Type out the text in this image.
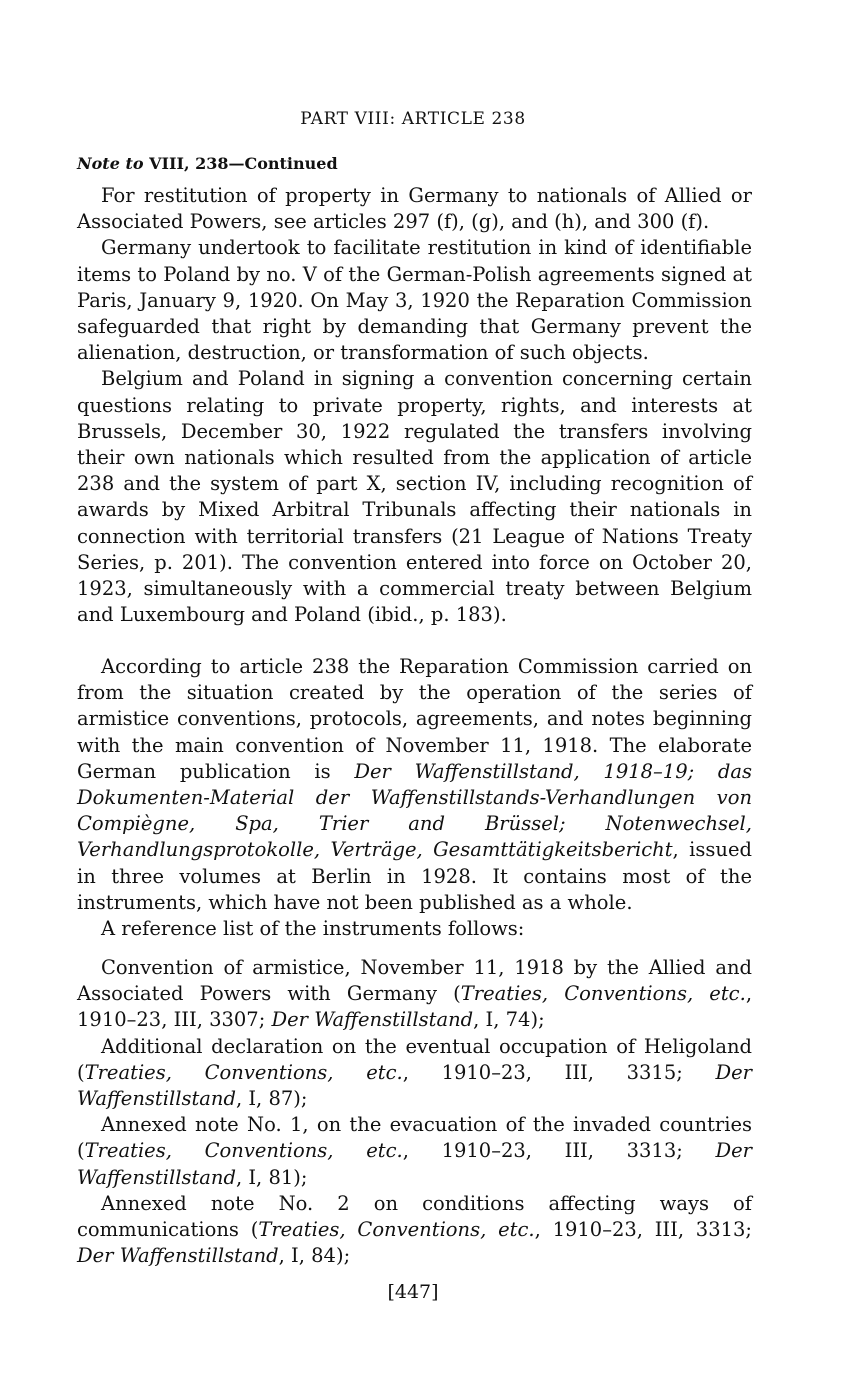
PART VIII: ARTICLE 238
Note to VIII, 238—Continued

For restitution of property in Germany to nationals of Allied or Associated Powers, see articles 297 (f), (g), and (h), and 300 (f).

Germany undertook to facilitate restitution in kind of identifiable items to Poland by no. V of the German-Polish agreements signed at Paris, January 9, 1920. On May 3, 1920 the Reparation Commission safeguarded that right by demanding that Germany prevent the alienation, destruction, or transformation of such objects.

Belgium and Poland in signing a convention concerning certain questions relating to private property, rights, and interests at Brussels, December 30, 1922 regulated the transfers involving their own nationals which resulted from the application of article 238 and the system of part X, section IV, including recognition of awards by Mixed Arbitral Tribunals affecting their nationals in connection with territorial transfers (21 League of Nations Treaty Series, p. 201). The convention entered into force on October 20, 1923, simultaneously with a commercial treaty between Belgium and Luxembourg and Poland (ibid., p. 183).

According to article 238 the Reparation Commission carried on from the situation created by the operation of the series of armistice conventions, protocols, agreements, and notes beginning with the main convention of November 11, 1918. The elaborate German publication is Der Waffenstillstand, 1918–19; das Dokumenten-Material der Waffenstillstands-Verhandlungen von Compiègne, Spa, Trier and Brüssel; Notenwechsel, Verhandlungsprotokolle, Verträge, Gesamttätigkeitsbericht, issued in three volumes at Berlin in 1928. It contains most of the instruments, which have not been published as a whole.

A reference list of the instruments follows:

Convention of armistice, November 11, 1918 by the Allied and Associated Powers with Germany (Treaties, Conventions, etc., 1910–23, III, 3307; Der Waffenstillstand, I, 74);

Additional declaration on the eventual occupation of Heligoland (Treaties, Conventions, etc., 1910–23, III, 3315; Der Waffenstillstand, I, 87);

Annexed note No. 1, on the evacuation of the invaded countries (Treaties, Conventions, etc., 1910–23, III, 3313; Der Waffenstillstand, I, 81);

Annexed note No. 2 on conditions affecting ways of communications (Treaties, Conventions, etc., 1910–23, III, 3313; Der Waffenstillstand, I, 84);

[447]
